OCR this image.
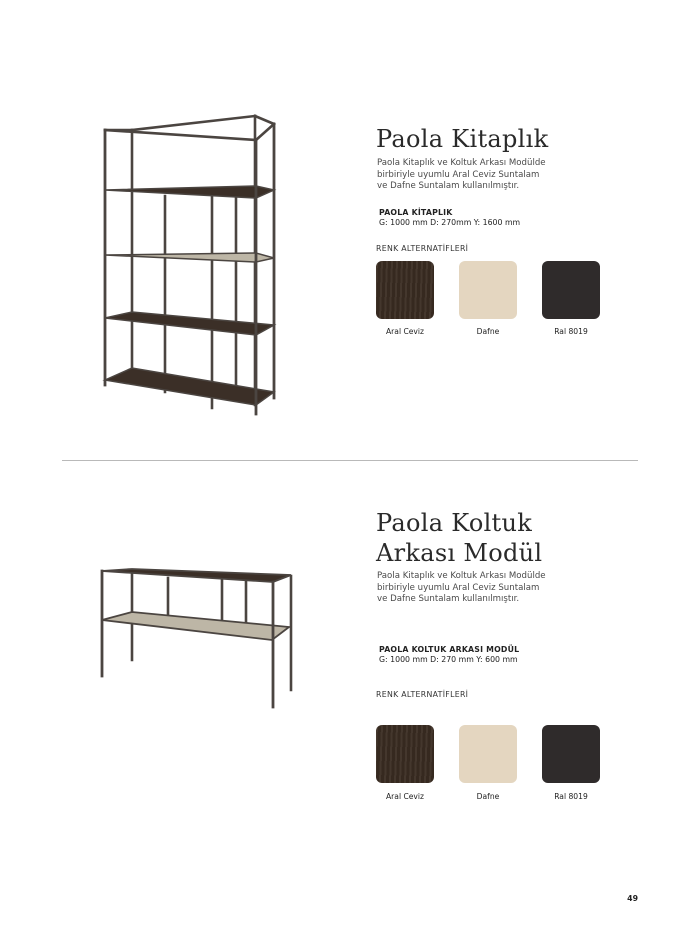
Paola Kitaplık

Paola Kitaplık ve Koltuk Arkası Modülde
birbiriyle uyumlu Aral Ceviz Suntalam
ve Dafne Suntalam kullanılmıştır.

PAOLA KİTAPLIK
G: 1000 mm D: 270mm Y: 1600 mm
RENK ALTERNATİFLERİ
Aral Ceviz	Dafne	Ral 8019
Paola Koltuk
Arkası Modül

Paola Kitaplık ve Koltuk Arkası Modülde
birbiriyle uyumlu Aral Ceviz Suntalam
ve Dafne Suntalam kullanılmıştır.

PAOLA KOLTUK ARKASI MODÜL
G: 1000 mm D: 270 mm Y: 600 mm
RENK ALTERNATİFLERİ
Aral Ceviz	Dafne	Ral 8019
49
